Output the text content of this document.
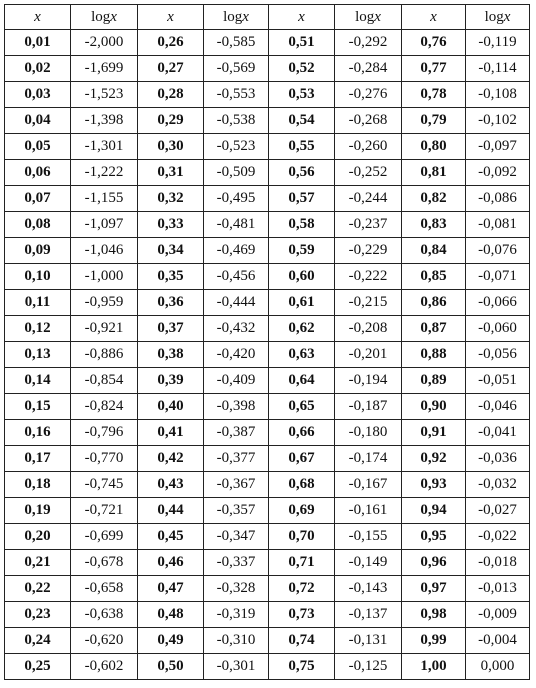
x	logx	x	logx	x	logx	x	logx
0,01	-2,000	0,26	-0,585	0,51	-0,292	0,76	-0,119
0,02	-1,699	0,27	-0,569	0,52	-0,284	0,77	-0,114
0,03	-1,523	0,28	-0,553	0,53	-0,276	0,78	-0,108
0,04	-1,398	0,29	-0,538	0,54	-0,268	0,79	-0,102
0,05	-1,301	0,30	-0,523	0,55	-0,260	0,80	-0,097
0,06	-1,222	0,31	-0,509	0,56	-0,252	0,81	-0,092
0,07	-1,155	0,32	-0,495	0,57	-0,244	0,82	-0,086
0,08	-1,097	0,33	-0,481	0,58	-0,237	0,83	-0,081
0,09	-1,046	0,34	-0,469	0,59	-0,229	0,84	-0,076
0,10	-1,000	0,35	-0,456	0,60	-0,222	0,85	-0,071
0,11	-0,959	0,36	-0,444	0,61	-0,215	0,86	-0,066
0,12	-0,921	0,37	-0,432	0,62	-0,208	0,87	-0,060
0,13	-0,886	0,38	-0,420	0,63	-0,201	0,88	-0,056
0,14	-0,854	0,39	-0,409	0,64	-0,194	0,89	-0,051
0,15	-0,824	0,40	-0,398	0,65	-0,187	0,90	-0,046
0,16	-0,796	0,41	-0,387	0,66	-0,180	0,91	-0,041
0,17	-0,770	0,42	-0,377	0,67	-0,174	0,92	-0,036
0,18	-0,745	0,43	-0,367	0,68	-0,167	0,93	-0,032
0,19	-0,721	0,44	-0,357	0,69	-0,161	0,94	-0,027
0,20	-0,699	0,45	-0,347	0,70	-0,155	0,95	-0,022
0,21	-0,678	0,46	-0,337	0,71	-0,149	0,96	-0,018
0,22	-0,658	0,47	-0,328	0,72	-0,143	0,97	-0,013
0,23	-0,638	0,48	-0,319	0,73	-0,137	0,98	-0,009
0,24	-0,620	0,49	-0,310	0,74	-0,131	0,99	-0,004
0,25	-0,602	0,50	-0,301	0,75	-0,125	1,00	0,000
